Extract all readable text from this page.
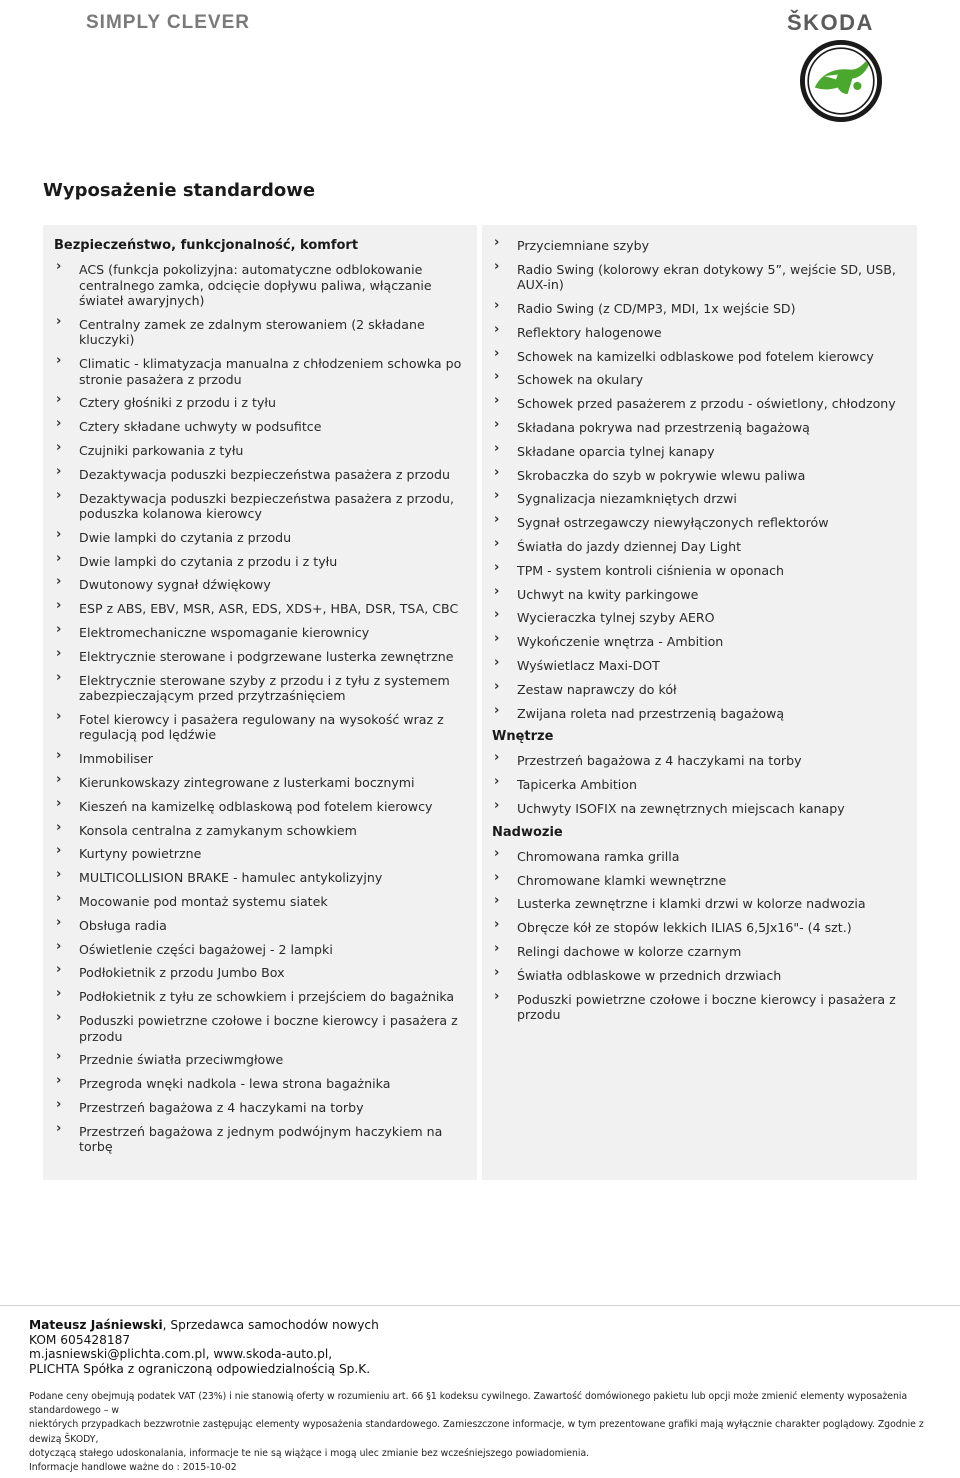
SIMPLY CLEVER	ŠKODA
Wyposażenie standardowe
Bezpieczeństwo, funkcjonalność, komfort
› ACS (funkcja pokolizyjna: automatyczne odblokowanie centralnego zamka, odcięcie dopływu paliwa, włączanie świateł awaryjnych)
› Centralny zamek ze zdalnym sterowaniem (2 składane kluczyki)
› Climatic - klimatyzacja manualna z chłodzeniem schowka po stronie pasażera z przodu
› Cztery głośniki z przodu i z tyłu
› Cztery składane uchwyty w podsufitce
› Czujniki parkowania z tyłu
› Dezaktywacja poduszki bezpieczeństwa pasażera z przodu
› Dezaktywacja poduszki bezpieczeństwa pasażera z przodu, poduszka kolanowa kierowcy
› Dwie lampki do czytania z przodu
› Dwie lampki do czytania z przodu i z tyłu
› Dwutonowy sygnał dźwiękowy
› ESP z ABS, EBV, MSR, ASR, EDS, XDS+, HBA, DSR, TSA, CBC
› Elektromechaniczne wspomaganie kierownicy
› Elektrycznie sterowane i podgrzewane lusterka zewnętrzne
› Elektrycznie sterowane szyby z przodu i z tyłu z systemem zabezpieczającym przed przytrzaśnięciem
› Fotel kierowcy i pasażera regulowany na wysokość wraz z regulacją pod lędźwie
› Immobiliser
› Kierunkowskazy zintegrowane z lusterkami bocznymi
› Kieszeń na kamizelkę odblaskową pod fotelem kierowcy
› Konsola centralna z zamykanym schowkiem
› Kurtyny powietrzne
› MULTICOLLISION BRAKE - hamulec antykolizyjny
› Mocowanie pod montaż systemu siatek
› Obsługa radia
› Oświetlenie części bagażowej - 2 lampki
› Podłokietnik z przodu Jumbo Box
› Podłokietnik z tyłu ze schowkiem i przejściem do bagażnika
› Poduszki powietrzne czołowe i boczne kierowcy i pasażera z przodu
› Przednie światła przeciwmgłowe
› Przegroda wnęki nadkola - lewa strona bagażnika
› Przestrzeń bagażowa z 4 haczykami na torby
› Przestrzeń bagażowa z jednym podwójnym haczykiem na torbę
› Przyciemniane szyby
› Radio Swing (kolorowy ekran dotykowy 5”, wejście SD, USB, AUX-in)
› Radio Swing (z CD/MP3, MDI, 1x wejście SD)
› Reflektory halogenowe
› Schowek na kamizelki odblaskowe pod fotelem kierowcy
› Schowek na okulary
› Schowek przed pasażerem z przodu - oświetlony, chłodzony
› Składana pokrywa nad przestrzenią bagażową
› Składane oparcia tylnej kanapy
› Skrobaczka do szyb w pokrywie wlewu paliwa
› Sygnalizacja niezamkniętych drzwi
› Sygnał ostrzegawczy niewyłączonych reflektorów
› Światła do jazdy dziennej Day Light
› TPM - system kontroli ciśnienia w oponach
› Uchwyt na kwity parkingowe
› Wycieraczka tylnej szyby AERO
› Wykończenie wnętrza - Ambition
› Wyświetlacz Maxi-DOT
› Zestaw naprawczy do kół
› Zwijana roleta nad przestrzenią bagażową
Wnętrze
› Przestrzeń bagażowa z 4 haczykami na torby
› Tapicerka Ambition
› Uchwyty ISOFIX na zewnętrznych miejscach kanapy
Nadwozie
› Chromowana ramka grilla
› Chromowane klamki wewnętrzne
› Lusterka zewnętrzne i klamki drzwi w kolorze nadwozia
› Obręcze kół ze stopów lekkich ILIAS 6,5Jx16"- (4 szt.)
› Relingi dachowe w kolorze czarnym
› Światła odblaskowe w przednich drzwiach
› Poduszki powietrzne czołowe i boczne kierowcy i pasażera z przodu
Mateusz Jaśniewski, Sprzedawca samochodów nowych
KOM 605428187
m.jasniewski@plichta.com.pl, www.skoda-auto.pl,
PLICHTA Spółka z ograniczoną odpowiedzialnością Sp.K.
Podane ceny obejmują podatek VAT (23%) i nie stanowią oferty w rozumieniu art. 66 §1 kodeksu cywilnego. Zawartość domówionego pakietu lub opcji może zmienić elementy wyposażenia standardowego – w
niektórych przypadkach bezzwrotnie zastępując elementy wyposażenia standardowego. Zamieszczone informacje, w tym prezentowane grafiki mają wyłącznie charakter poglądowy. Zgodnie z dewizą ŠKODY,
dotyczącą stałego udoskonalania, informacje te nie są wiążące i mogą ulec zmianie bez wcześniejszego powiadomienia.
Informacje handlowe ważne do : 2015-10-02
